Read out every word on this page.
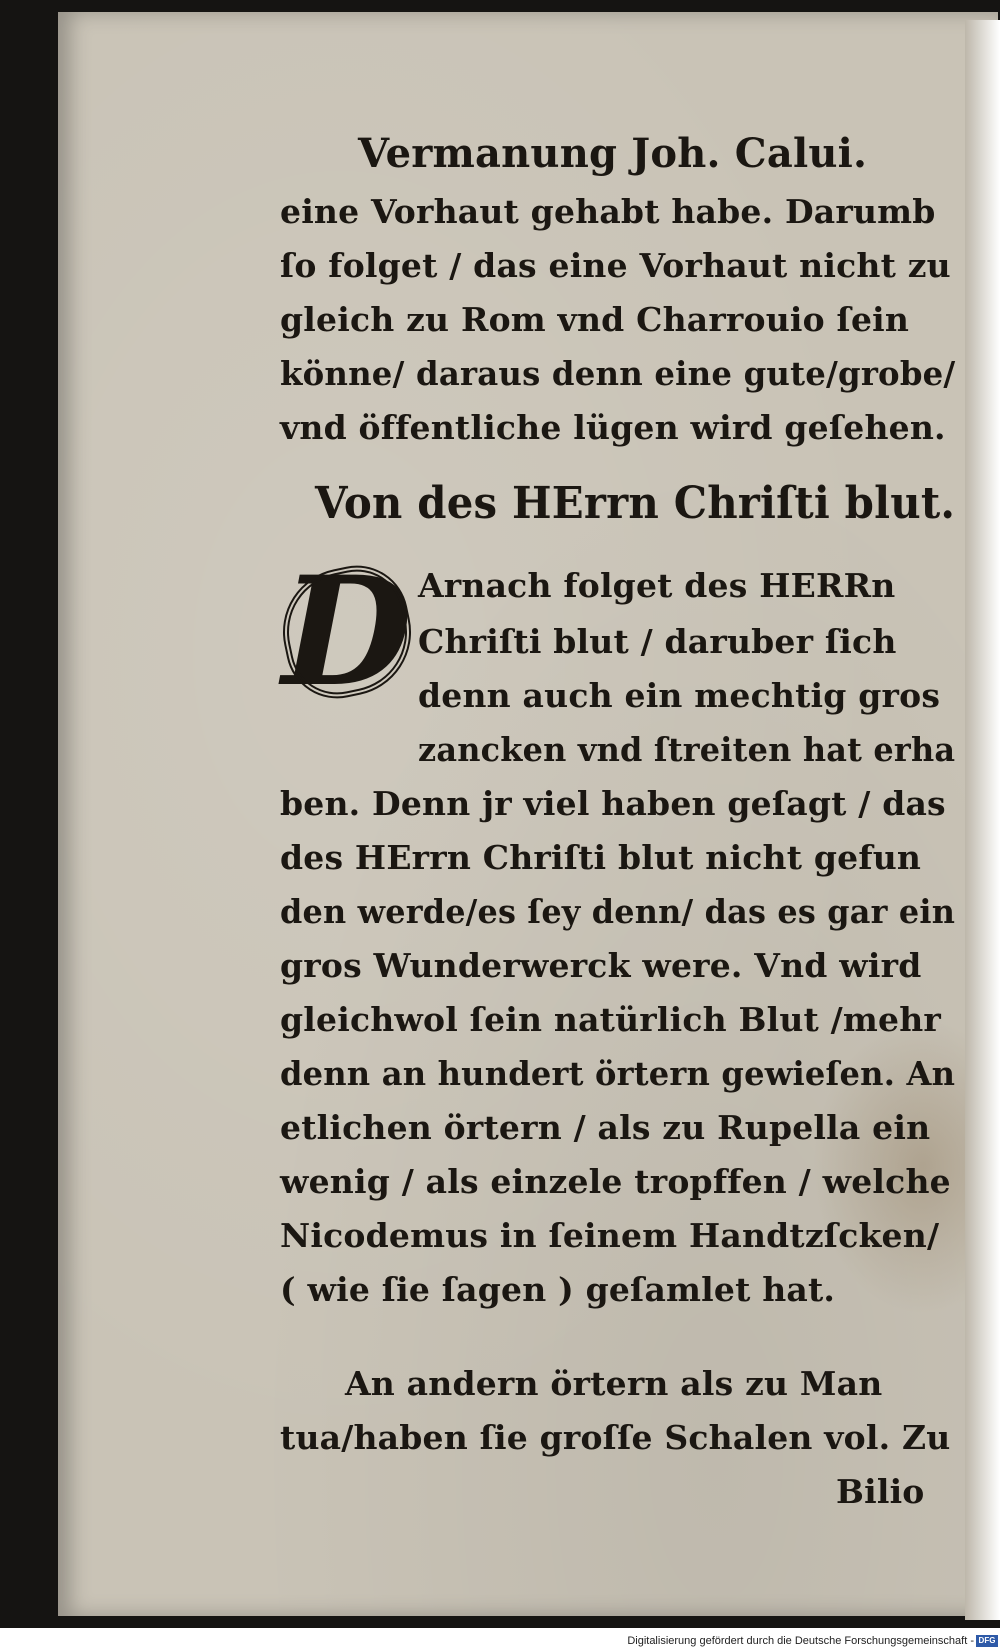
Vermanung Joh. Calui.
eine Vorhaut gehabt habe. Darumb
ſo folget / das eine Vorhaut nicht zu
gleich zu Rom vnd Charrouio ſein
könne/ daraus denn eine gute/grobe/
vnd öffentliche lügen wird geſehen.
Von des HErrn Chriſti blut.
D Arnach folget des HERRn
Chriſti blut / daruber ſich
denn auch ein mechtig gros
zancken vnd ſtreiten hat erha
ben. Denn jr viel haben geſagt / das
des HErrn Chriſti blut nicht gefun
den werde/es ſey denn/ das es gar ein
gros Wunderwerck were. Vnd wird
gleichwol ſein natürlich Blut /mehr
denn an hundert örtern gewieſen. An
etlichen örtern / als zu Rupella ein
wenig / als einzele tropffen / welche
Nicodemus in ſeinem Handtzſcken/
( wie ſie ſagen ) geſamlet hat.
An andern örtern als zu Man
tua/haben ſie groſſe Schalen vol. Zu
Bilio
Digitalisierung gefördert durch die Deutsche Forschungsgemeinschaft - DFG
